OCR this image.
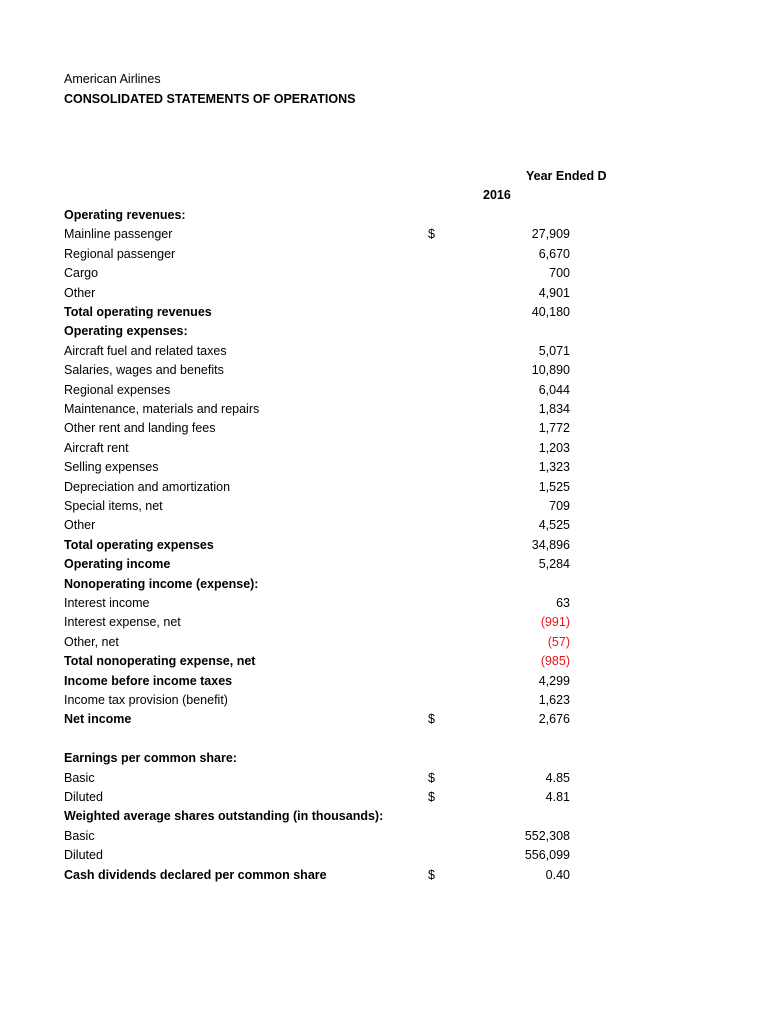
American Airlines
CONSOLIDATED STATEMENTS OF OPERATIONS
Year Ended D
2016
Operating revenues:
Mainline passenger	$	27,909
Regional passenger	6,670
Cargo	700
Other	4,901
Total operating revenues	40,180
Operating expenses:
Aircraft fuel and related taxes	5,071
Salaries, wages and benefits	10,890
Regional expenses	6,044
Maintenance, materials and repairs	1,834
Other rent and landing fees	1,772
Aircraft rent	1,203
Selling expenses	1,323
Depreciation and amortization	1,525
Special items, net	709
Other	4,525
Total operating expenses	34,896
Operating income	5,284
Nonoperating income (expense):
Interest income	63
Interest expense, net	(991)
Other, net	(57)
Total nonoperating expense, net	(985)
Income before income taxes	4,299
Income tax provision (benefit)	1,623
Net income	$	2,676
Earnings per common share:
Basic	$	4.85
Diluted	$	4.81
Weighted average shares outstanding (in thousands):
Basic	552,308
Diluted	556,099
Cash dividends declared per common share	$	0.40
